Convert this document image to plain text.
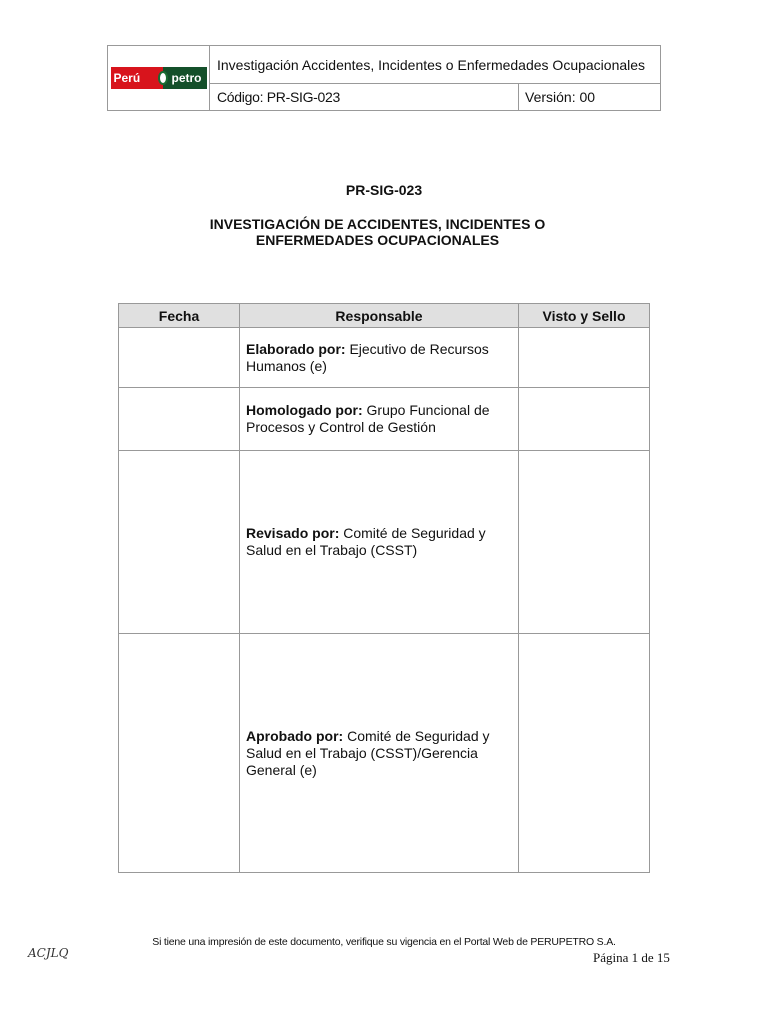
Perú	petro
Investigación Accidentes, Incidentes o Enfermedades Ocupacionales
Código: PR-SIG-023	Versión: 00
PR-SIG-023
INVESTIGACIÓN DE ACCIDENTES, INCIDENTES O ENFERMEDADES OCUPACIONALES
Fecha	Responsable	Visto y Sello
	Elaborado por: Ejecutivo de Recursos Humanos (e)	
	Homologado por: Grupo Funcional de Procesos y Control de Gestión	
	Revisado por: Comité de Seguridad y Salud en el Trabajo (CSST)	
	Aprobado por: Comité de Seguridad y Salud en el Trabajo (CSST)/Gerencia General (e)	
Si tiene una impresión de este documento, verifique su vigencia en el Portal Web de PERUPETRO S.A.
ACJLQ	Página 1 de 15
